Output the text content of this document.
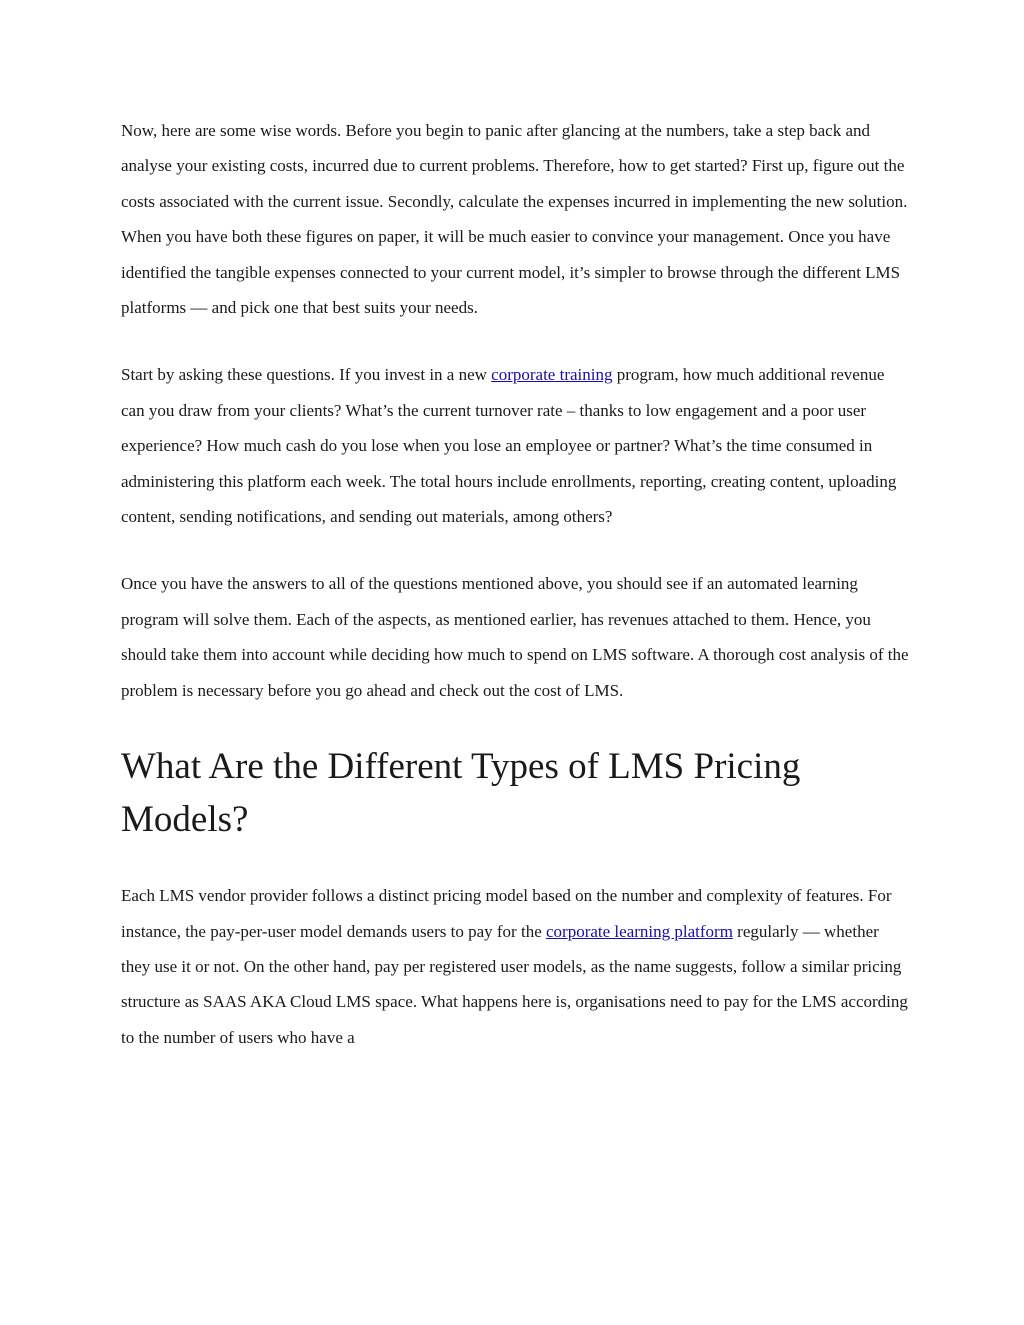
Now, here are some wise words. Before you begin to panic after glancing at the numbers, take a step back and analyse your existing costs, incurred due to current problems. Therefore, how to get started? First up, figure out the costs associated with the current issue. Secondly, calculate the expenses incurred in implementing the new solution. When you have both these figures on paper, it will be much easier to convince your management. Once you have identified the tangible expenses connected to your current model, it’s simpler to browse through the different LMS platforms — and pick one that best suits your needs.

Start by asking these questions. If you invest in a new corporate training program, how much additional revenue can you draw from your clients? What’s the current turnover rate – thanks to low engagement and a poor user experience? How much cash do you lose when you lose an employee or partner? What’s the time consumed in administering this platform each week. The total hours include enrollments, reporting, creating content, uploading content, sending notifications, and sending out materials, among others?

Once you have the answers to all of the questions mentioned above, you should see if an automated learning program will solve them. Each of the aspects, as mentioned earlier, has revenues attached to them. Hence, you should take them into account while deciding how much to spend on LMS software. A thorough cost analysis of the problem is necessary before you go ahead and check out the cost of LMS.

What Are the Different Types of LMS Pricing Models?

Each LMS vendor provider follows a distinct pricing model based on the number and complexity of features. For instance, the pay-per-user model demands users to pay for the corporate learning platform regularly — whether they use it or not. On the other hand, pay per registered user models, as the name suggests, follow a similar pricing structure as SAAS AKA Cloud LMS space. What happens here is, organisations need to pay for the LMS according to the number of users who have a
